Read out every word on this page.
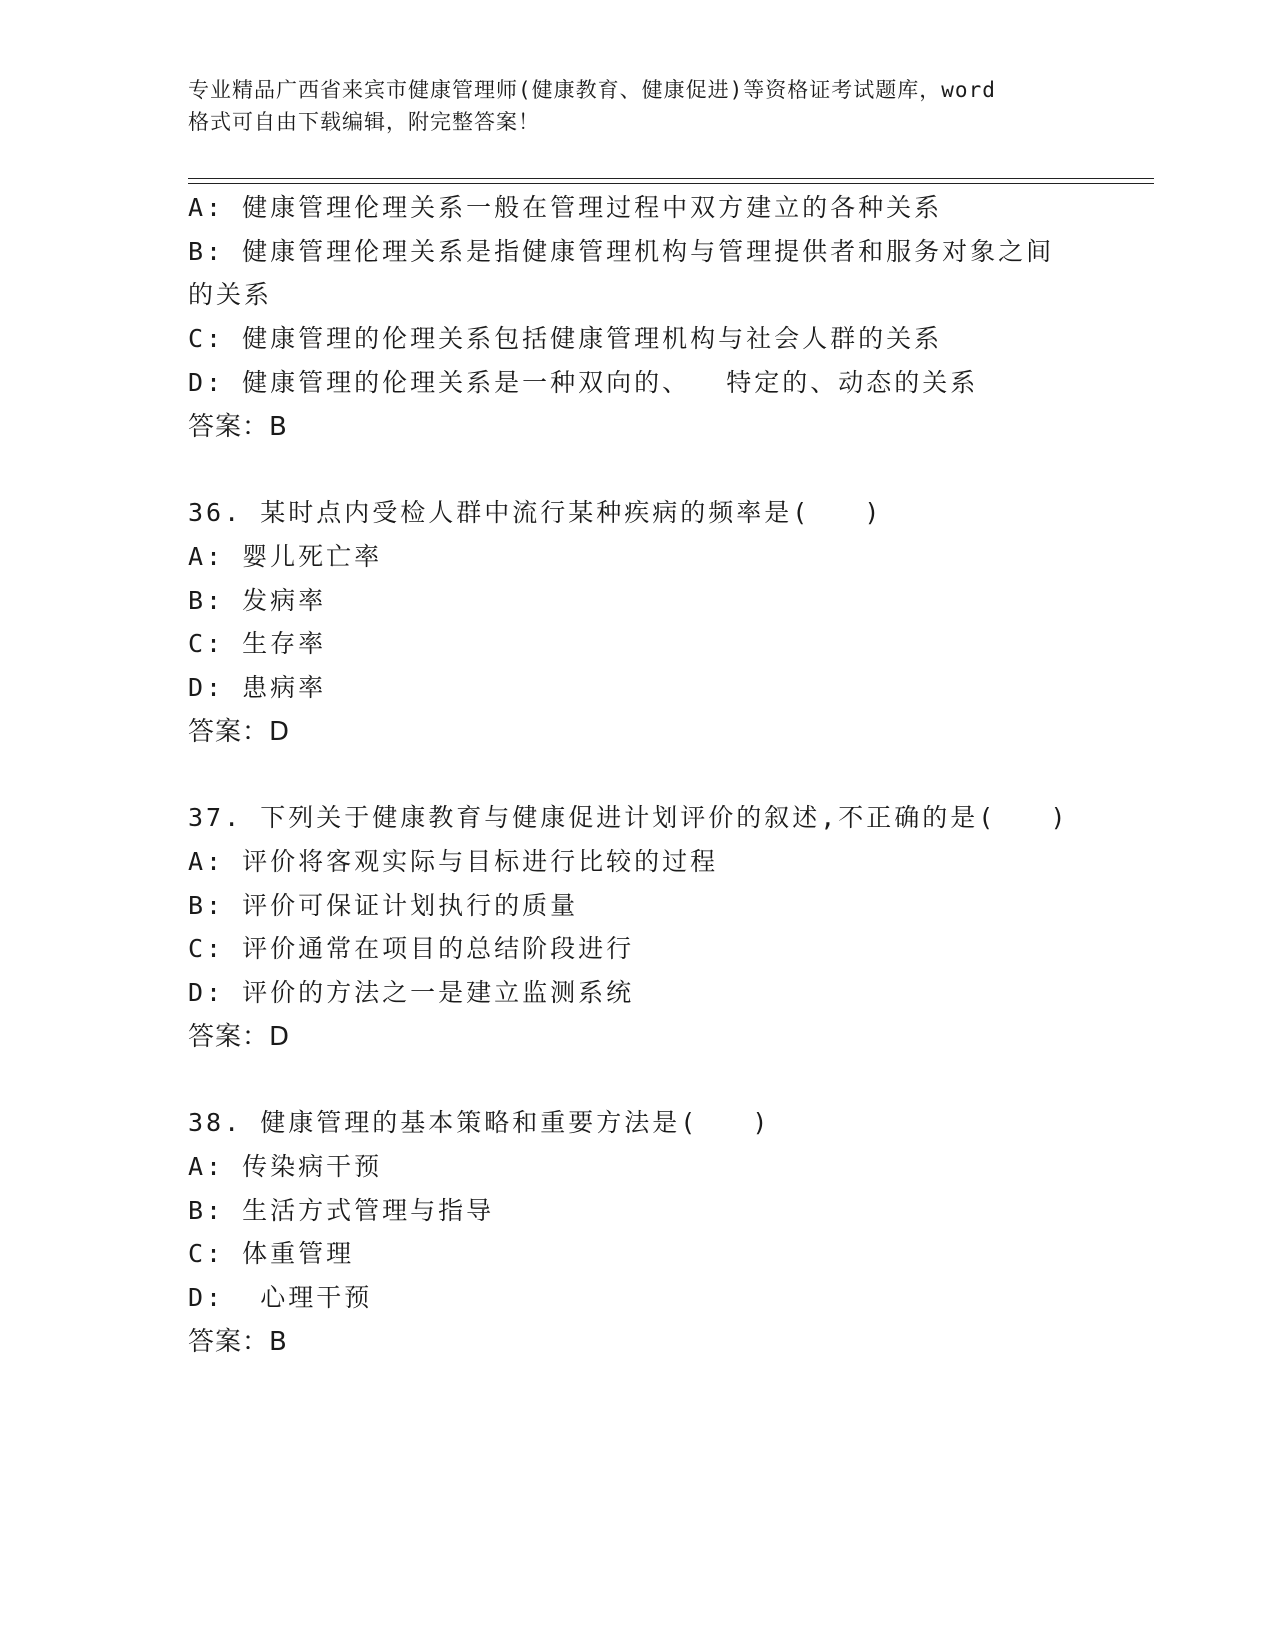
专业精品广西省来宾市健康管理师(健康教育、健康促进)等资格证考试题库，word
格式可自由下载编辑，附完整答案！
A: 健康管理伦理关系一般在管理过程中双方建立的各种关系
B: 健康管理伦理关系是指健康管理机构与管理提供者和服务对象之间
的关系
C: 健康管理的伦理关系包括健康管理机构与社会人群的关系
D: 健康管理的伦理关系是一种双向的、  特定的、动态的关系
答案：B
36. 某时点内受检人群中流行某种疾病的频率是(   )
A: 婴儿死亡率
B: 发病率
C: 生存率
D: 患病率
答案：D
37. 下列关于健康教育与健康促进计划评价的叙述,不正确的是(   )
A: 评价将客观实际与目标进行比较的过程
B: 评价可保证计划执行的质量
C: 评价通常在项目的总结阶段进行
D: 评价的方法之一是建立监测系统
答案：D
38. 健康管理的基本策略和重要方法是(   )
A: 传染病干预
B: 生活方式管理与指导
C: 体重管理
D:  心理干预
答案：B
